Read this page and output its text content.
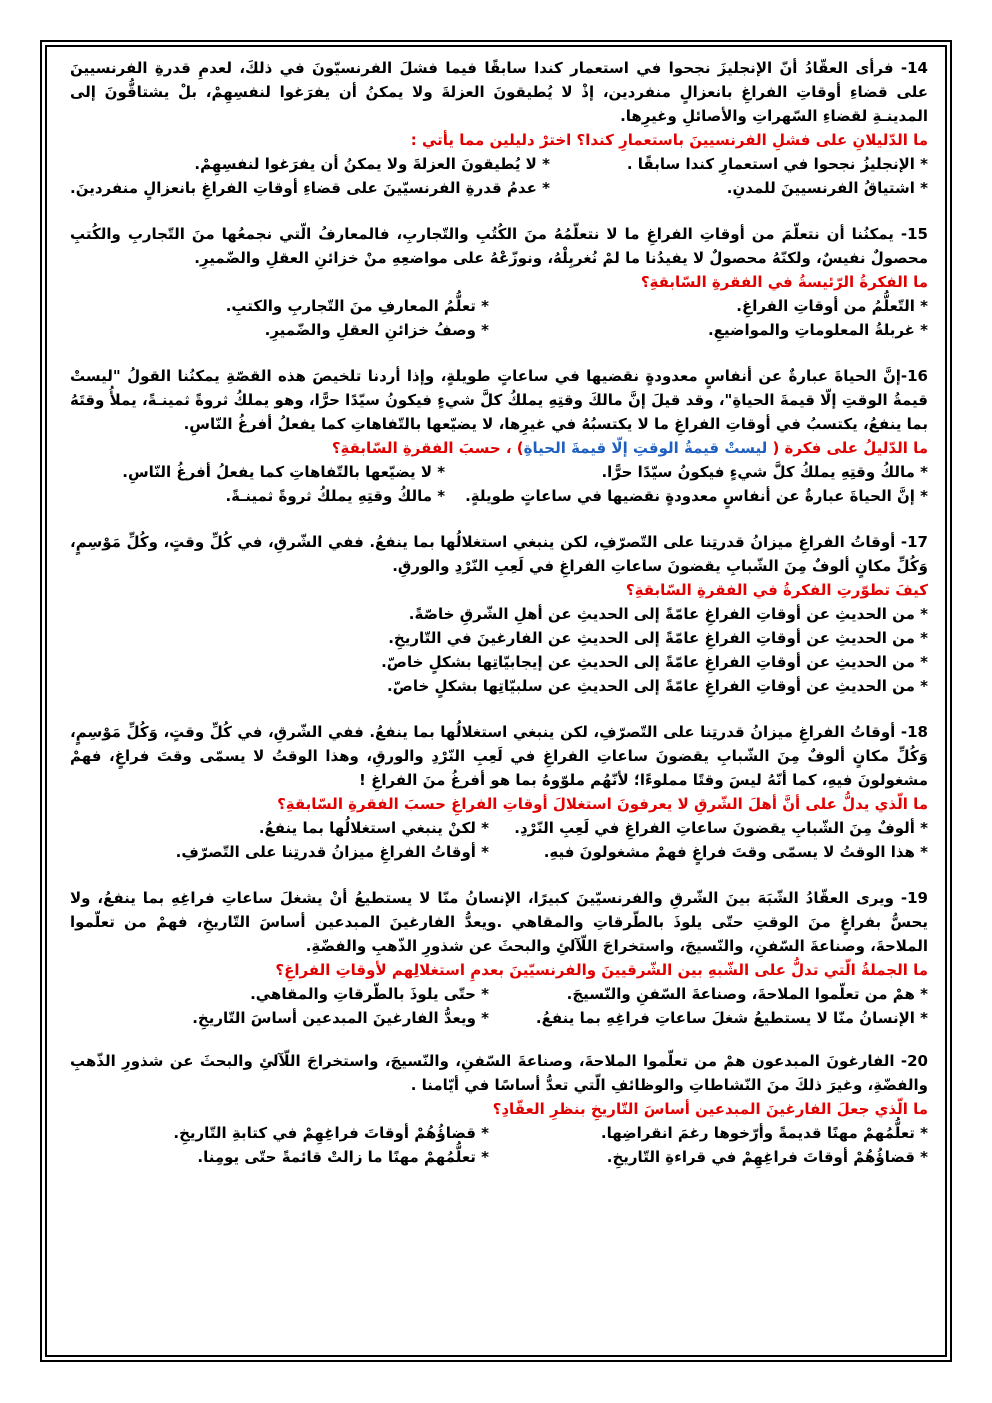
14- فرأى العقّادُ أنّ الإنجليزَ نجحوا في استعمار كندا سابقًا فيما فشلَ الفرنسيّونَ في ذلكَ، لعدمِ قدرةِ الفرنسيينَ على قضاءِ أوقاتِ الفراغِ بانعزالٍ منفردين، إذْ لا يُطيقونَ العزلةَ ولا يمكنُ أن يفرَغوا لنفسِهِمْ، بلْ يشتاقُّونَ إلى المدينـةِ لقضاءِ السّهراتِ والأصائلِ وغيرِها.

ما الدّليلانِ على فشلِ الفرنسيينَ باستعمارِ كندا؟ اخترْ دليلين مما يأتي :

* الإنجليزُ نجحوا في استعمارِ كندا سابقًا .
* لا يُطيقونَ العزلةَ ولا يمكنُ أن يفرَغوا لنفسِهِمْ.
* اشتياقُ الفرنسيينَ للمدنِ.
* عدمُ قدرةِ الفرنسيّينَ على قضاءِ أوقاتِ الفراغِ بانعزالٍ منفردينَ.

15- يمكنُنا أن نتعلّمَ من أوقاتِ الفراغِ ما لا نتعلّمُهُ منَ الكُتُبِ والتّجاربِ، فالمعارفُ الّتي نجمعُها منَ التّجاربِ والكُتبِ محصولٌ نفيسٌ، ولكنّهُ محصولٌ لا يفيدُنا ما لمْ نُغربِلْهُ، ونوزّعْهُ على مواضعِهِ منْ خزائنِ العقلِ والضّميرِ.

ما الفكرةُ الرّئيسةُ في الفقرةِ السّابقةِ؟

* التّعلُّمُ من أوقاتِ الفراغِ.
* تعلُّمُ المعارفِ منَ التّجاربِ والكتبِ.
* غربلةُ المعلوماتِ والمواضيعِ.
* وصفُ خزائنِ العقلِ والضّميرِ.

16-إنَّ الحياةَ عبارةٌ عن أنفاسٍ معدودةٍ نقضيها في ساعاتٍ طويلةٍ، وإذا أردنا تلخيصَ هذه القصّةِ يمكنُنا القولُ "ليستْ قيمةُ الوقتِ إلّا قيمةَ الحياةِ"، وقد قيلَ إنَّ مالكَ وقتِهِ يملكُ كلَّ شيءٍ فيكونُ سيّدًا حرًّا، وهو يملكُ ثروةً ثمينـةً، يملأُ وقتَهُ بما ينفعُ، يكتسبُ في أوقاتِ الفراغِ ما لا يكتسبُهُ في غيرِها، لا يضيّعها بالتّفاهاتِ كما يفعلُ أفرغُ النّاسِ.

ما الدّليلُ على فكرة ( ليستْ قيمةُ الوقتِ إلّا قيمةَ الحياةِ) ، حسبَ الفقرةِ السّابقةِ؟

* مالكُ وقتِهِ يملكُ كلَّ شيءٍ فيكونُ سيّدًا حرًّا.
* لا يضيّعها بالتّفاهاتِ كما يفعلُ أفرغُ النّاسِ.
* إنَّ الحياةَ عبارةٌ عن أنفاسٍ معدودةٍ نقضيها في ساعاتٍ طويلةٍ.
* مالكُ وقتِهِ يملكُ ثروةً ثمينـةً.

17- أوقاتُ الفراغِ ميزانُ قدرتِنا على التّصرّفِ، لكن ينبغي استغلالُها بما ينفعُ. ففي الشّرقِ، في كُلِّ وقتٍ، وكُلِّ مَوْسِمٍ، وَكُلِّ مكانٍ ألوفٌ مِنَ الشّبابِ يقضونَ ساعاتِ الفراغِ في لَعِبِ النّرْدِ والورقِ.

كيفَ تطوّرتِ الفكرةُ في الفقرةِ السّابقةِ؟

* من الحديثِ عن أوقاتِ الفراغِ عامّةً إلى الحديثِ عن أهلِ الشّرقِ خاصّةً.
* من الحديثِ عن أوقاتِ الفراغِ عامّةً إلى الحديثِ عن الفارغينَ في التّاريخِ.
* من الحديثِ عن أوقاتِ الفراغِ عامّةً إلى الحديثِ عن إيجابيّاتِها بشكلٍ خاصّ.
* من الحديثِ عن أوقاتِ الفراغِ عامّةً إلى الحديثِ عن سلبيّاتِها بشكلٍ خاصّ.

18- أوقاتُ الفراغِ ميزانُ قدرتِنا على التّصرّفِ، لكن ينبغي استغلالُها بما ينفعُ. ففي الشّرقِ، في كُلِّ وقتٍ، وَكُلِّ مَوْسِمٍ، وَكُلِّ مكانٍ ألوفٌ مِنَ الشّبابِ يقضونَ ساعاتِ الفراغِ في لَعِبِ النّرْدِ والورقِ، وهذا الوقتُ لا يسمّى وقتَ فراغٍ، فهمْ مشغولونَ فيهِ، كما أنّهُ ليسَ وقتًا مملوءًا؛ لأنّهُم ملوّوهُ بما هو أفرغُ منَ الفراغِ !

ما الّذي يدلُّ على أنَّ أهلَ الشّرقِ لا يعرفونَ استغلالَ أوقاتِ الفراغِ حسبَ الفقرةِ السّابقةِ؟

* ألوفٌ مِنَ الشّبابِ يقضونَ ساعاتِ الفراغِ في لَعِبِ النّرْدِ.
* لكنْ ينبغي استغلالُها بما ينفعُ.
* هذا الوقتُ لا يسمّى وقتَ فراغٍ فهمْ مشغولونَ فيهِ.
* أوقاتُ الفراغِ ميزانُ قدرتِنا على التّصرّفِ.

19- ويرى العقّادُ الشّبَهَ بينَ الشّرقِ والفرنسيّينَ كبيرًا، الإنسانُ منّا لا يستطيعُ أنْ يشغلَ ساعاتِ فراغِهِ بما ينفعُ، ولا يحسُّ بفراغٍ منَ الوقتِ حتّى يلوذَ بالطّرقاتِ والمقاهي .ويعدُّ الفارغينَ المبدعين أساسَ التّاريخِ، فهمْ من تعلّموا الملاحةَ، وصناعةَ السّفنِ، والنّسيجَ، واستخراجَ اللّآلئِ والبحثَ عن شذورِ الذّهبِ والفضّةِ.

ما الجملةُ الّتي تدلُّ على الشّبهِ بين الشّرقيينَ والفرنسيّينَ بعدمِ استغلالِهم لأوقاتِ الفراغِ؟

* همْ من تعلّموا الملاحةَ، وصناعةَ السّفنِ والنّسيجَ.
* حتّى يلوذَ بالطّرقاتِ والمقاهي.
* الإنسانُ منّا لا يستطيعُ شغلَ ساعاتِ فراغِهِ بما ينفعُ.
* ويعدُّ الفارغينَ المبدعين أساسَ التّاريخِ.

20- الفارغونَ المبدعون همْ من تعلّموا الملاحةَ، وصناعةَ السّفنِ، والنّسيجَ، واستخراجَ اللّآلئِ والبحثَ عن شذورِ الذّهبِ والفضّةِ، وغيرَ ذلكَ منَ النّشاطاتِ والوظائفِ الّتي تعدُّ أساسًا في أيّامنا .

ما الّذي جعلَ الفارغينَ المبدعين أساسَ التّاريخِ بنظرِ العقّادِ؟

* تعلُّمُهمْ مهنًا قديمةً وأرّخوها رغمَ انقراضِها.
* قضاؤُهُمْ أوقاتَ فراغِهِمْ في كتابةِ التّاريخِ.
* قضاؤُهُمْ أوقاتَ فراغِهِمْ في قراءةِ التّاريخِ.
* تعلُّمُهمْ مهنًا ما زالتْ قائمةً حتّى يومِنا.
